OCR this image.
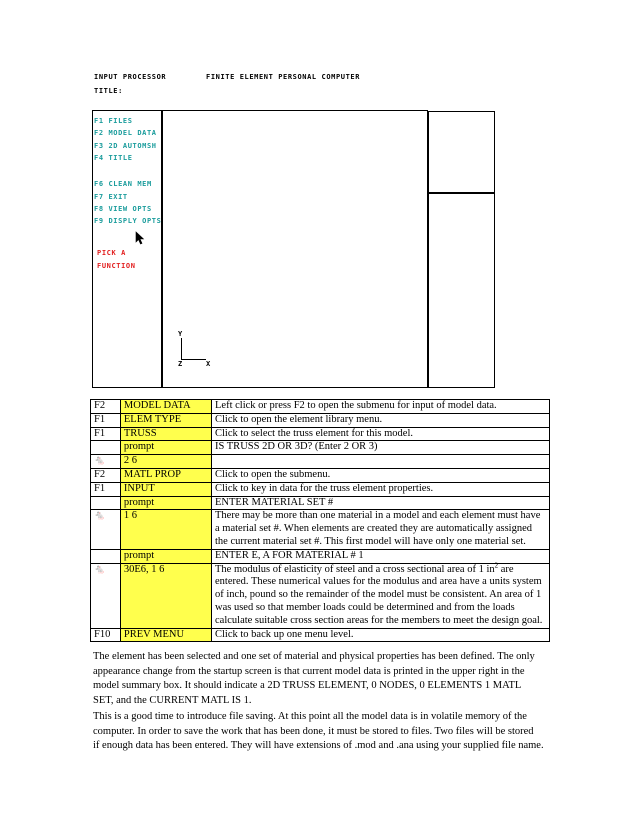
INPUT PROCESSOR	FINITE ELEMENT PERSONAL COMPUTER
TITLE:
F1 FILES
F2 MODEL DATA
F3 2D AUTOMSH
F4 TITLE
F6 CLEAN MEM
F7 EXIT
F8 VIEW OPTS
F9 DISPLY OPTS
PICK A
FUNCTION
Y
Z	X
F2	MODEL DATA	Left click or press F2 to open the submenu for input of model data.
F1	ELEM TYPE	Click to open the element library menu.
F1	TRUSS	Click to select the truss element for this model.
	prompt	IS TRUSS 2D OR 3D? (Enter 2 OR 3)
🐁	2 6	
F2	MATL PROP	Click to open the submenu.
F1	INPUT	Click to key in data for the truss element properties.
	prompt	ENTER MATERIAL SET #
🐁	1 6	There may be more than one material in a model and each element must have a material set #. When elements are created they are automatically assigned the current material set #. This first model will have only one material set.
	prompt	ENTER E, A FOR MATERIAL # 1
🐁	30E6, 1 6	The modulus of elasticity of steel and a cross sectional area of 1 $in^2$ are entered. These numerical values for the modulus and area have a units system of inch, pound so the remainder of the model must be consistent. An area of 1 was used so that member loads could be determined and from the loads calculate suitable cross section areas for the members to meet the design goal.
F10	PREV MENU	Click to back up one menu level.

The element has been selected and one set of material and physical properties has been defined. The only
appearance change from the startup screen is that current model data is printed in the upper right in the
model summary box. It should indicate a 2D TRUSS ELEMENT, 0 NODES, 0 ELEMENTS 1 MATL
SET, and the CURRENT MATL IS 1.

This is a good time to introduce file saving. At this point all the model data is in volatile memory of the
computer. In order to save the work that has been done, it must be stored to files. Two files will be stored
if enough data has been entered. They will have extensions of .mod and .ana using your supplied file name.
